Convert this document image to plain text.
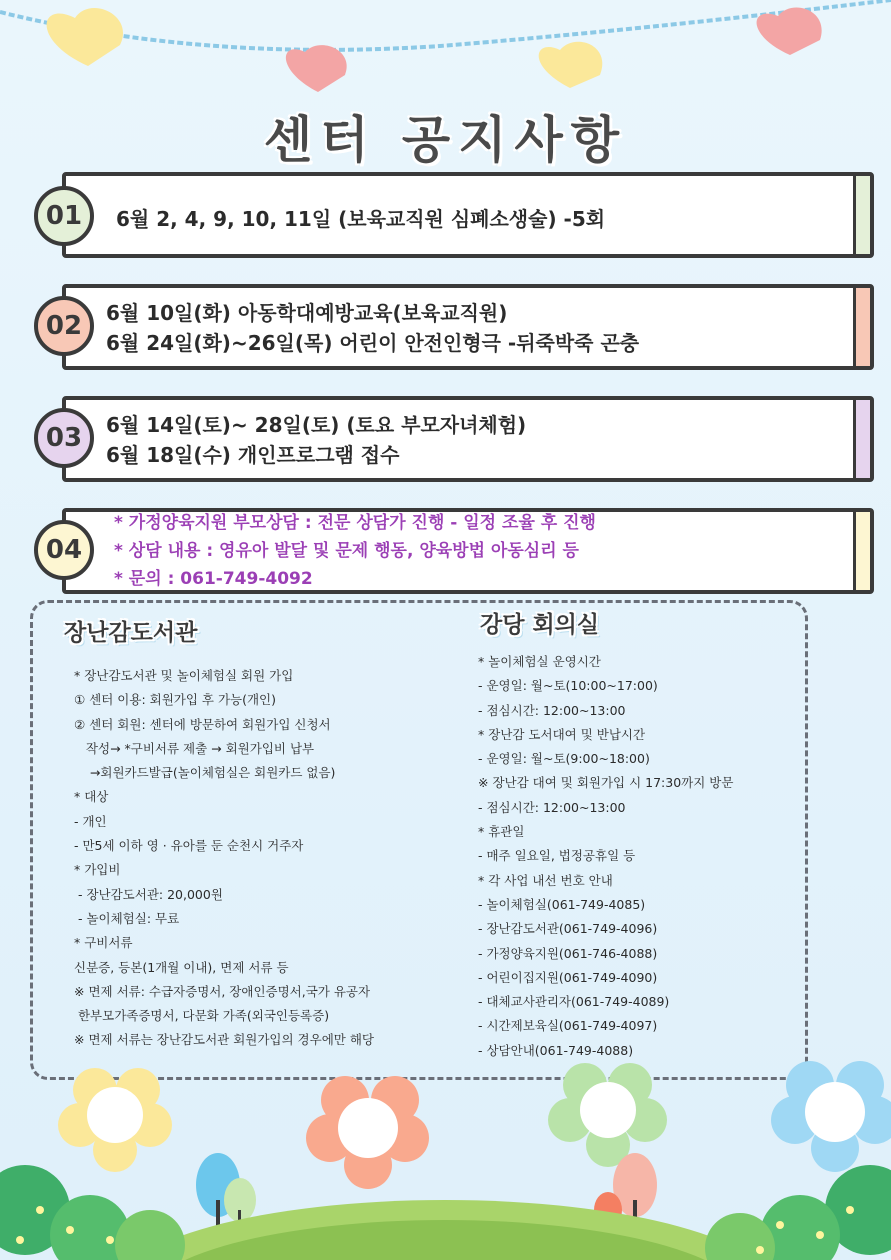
센터 공지사항
6월 2, 4, 9, 10, 11일 (보육교직원 심폐소생술) -5회
01
6월 10일(화) 아동학대예방교육(보육교직원)
6월 24일(화)~26일(목) 어린이 안전인형극 -뒤죽박죽 곤충
02
6월 14일(토)~ 28일(토) (토요 부모자녀체험)
6월 18일(수) 개인프로그램 접수
03
* 가정양육지원 부모상담 : 전문 상담가 진행 - 일정 조율 후 진행
* 상담 내용 : 영유아 발달 및 문제 행동, 양육방법 아동심리 등
* 문의 : 061-749-4092
04
장난감도서관
* 장난감도서관 및 놀이체험실 회원 가입
① 센터 이용: 회원가입 후 가능(개인)
② 센터 회원: 센터에 방문하여 회원가입 신청서
작성→ *구비서류 제출 → 회원가입비 납부
→회원카드발급(놀이체험실은 회원카드 없음)
* 대상
- 개인
- 만5세 이하 영 · 유아를 둔 순천시 거주자
* 가입비
- 장난감도서관: 20,000원
- 놀이체험실: 무료
* 구비서류
신분증, 등본(1개월 이내), 면제 서류 등
※ 면제 서류: 수급자증명서, 장애인증명서,국가 유공자
한부모가족증명서, 다문화 가족(외국인등록증)
※ 면제 서류는 장난감도서관 회원가입의 경우에만 해당
강당 회의실
* 놀이체험실 운영시간
- 운영일: 월~토(10:00~17:00)
- 점심시간: 12:00~13:00
* 장난감 도서대여 및 반납시간
- 운영일: 월~토(9:00~18:00)
※ 장난감 대여 및 회원가입 시 17:30까지 방문
- 점심시간: 12:00~13:00
* 휴관일
- 매주 일요일, 법정공휴일 등
* 각 사업 내선 번호 안내
- 놀이체험실(061-749-4085)
- 장난감도서관(061-749-4096)
- 가정양육지원(061-746-4088)
- 어린이집지원(061-749-4090)
- 대체교사관리자(061-749-4089)
- 시간제보육실(061-749-4097)
- 상담안내(061-749-4088)
